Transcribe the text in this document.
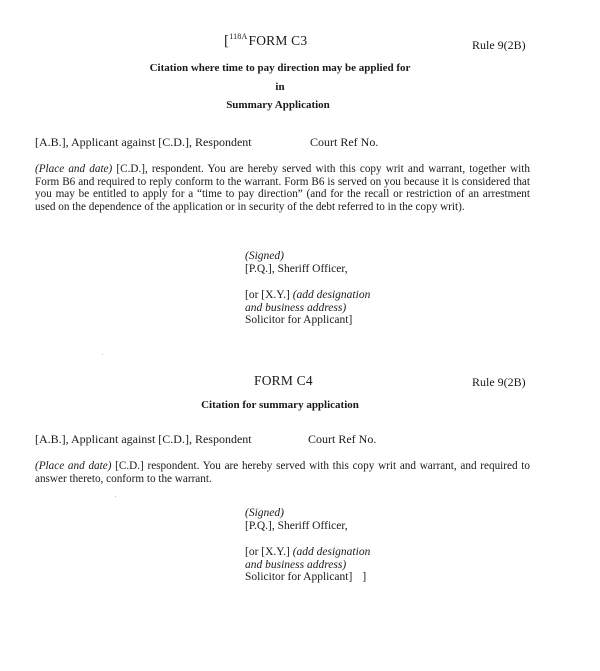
[$^{118A}$FORM C3	Rule 9(2B)
Citation where time to pay direction may be applied for
in
Summary Application
[A.B.], Applicant against [C.D.], Respondent	Court Ref No.
(Place and date) [C.D.], respondent. You are hereby served with this copy writ and warrant, together with Form B6 and required to reply conform to the warrant. Form B6 is served on you because it is considered that you may be entitled to apply for a “time to pay direction” (and for the recall or restriction of an arrestment used on the dependence of the application or in security of the debt referred to in the copy writ).
(Signed)
[P.Q.], Sheriff Officer,
[or [X.Y.] (add designation
and business address)
Solicitor for Applicant]
FORM C4	Rule 9(2B)
Citation for summary application
[A.B.], Applicant against [C.D.], Respondent	Court Ref No.
(Place and date) [C.D.] respondent. You are hereby served with this copy writ and warrant, and required to answer thereto, conform to the warrant.
(Signed)
[P.Q.], Sheriff Officer,
[or [X.Y.] (add designation
and business address)
Solicitor for Applicant] ]
